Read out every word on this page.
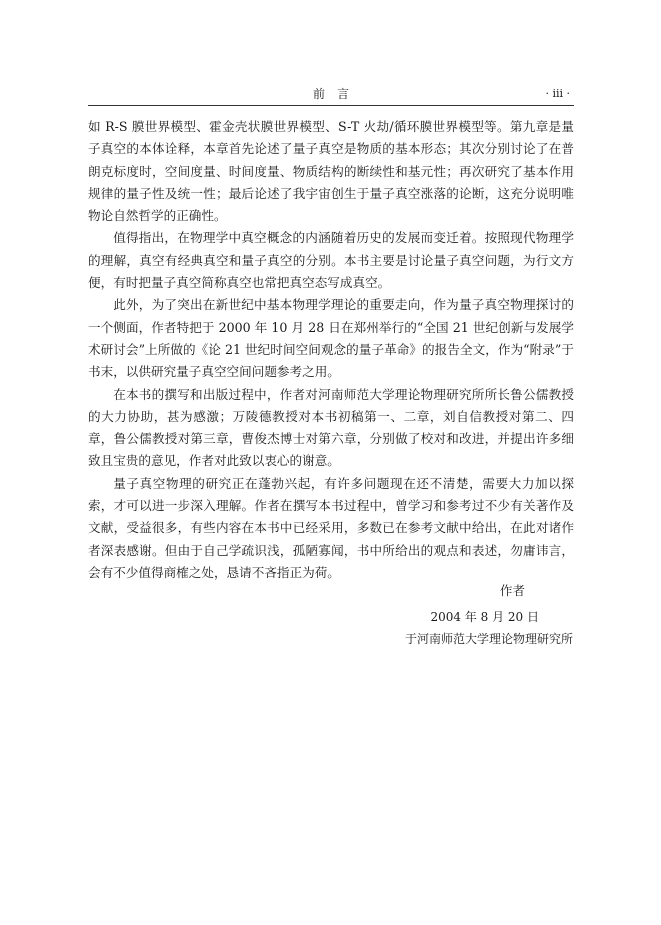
前言	· iii ·

如 R-S 膜世界模型、霍金壳状膜世界模型、S-T 火劫/循环膜世界模型等。第九章是量子真空的本体诠释，本章首先论述了量子真空是物质的基本形态；其次分别讨论了在普朗克标度时，空间度量、时间度量、物质结构的断续性和基元性；再次研究了基本作用规律的量子性及统一性；最后论述了我宇宙创生于量子真空涨落的论断，这充分说明唯物论自然哲学的正确性。

值得指出，在物理学中真空概念的内涵随着历史的发展而变迁着。按照现代物理学的理解，真空有经典真空和量子真空的分别。本书主要是讨论量子真空问题，为行文方便，有时把量子真空简称真空也常把真空态写成真空。

此外，为了突出在新世纪中基本物理学理论的重要走向，作为量子真空物理探讨的一个侧面，作者特把于 2000 年 10 月 28 日在郑州举行的“全国 21 世纪创新与发展学术研讨会”上所做的《论 21 世纪时间空间观念的量子革命》的报告全文，作为“附录”于书末，以供研究量子真空空间问题参考之用。

在本书的撰写和出版过程中，作者对河南师范大学理论物理研究所所长鲁公儒教授的大力协助，甚为感激；万陵德教授对本书初稿第一、二章，刘自信教授对第二、四章，鲁公儒教授对第三章，曹俊杰博士对第六章，分别做了校对和改进，并提出许多细致且宝贵的意见，作者对此致以衷心的谢意。

量子真空物理的研究正在蓬勃兴起，有许多问题现在还不清楚，需要大力加以探索，才可以进一步深入理解。作者在撰写本书过程中，曾学习和参考过不少有关著作及文献，受益很多，有些内容在本书中已经采用，多数已在参考文献中给出，在此对诸作者深表感谢。但由于自己学疏识浅，孤陋寡闻，书中所给出的观点和表述，勿庸讳言，会有不少值得商榷之处，恳请不吝指正为荷。

作者
2004 年 8 月 20 日
于河南师范大学理论物理研究所
